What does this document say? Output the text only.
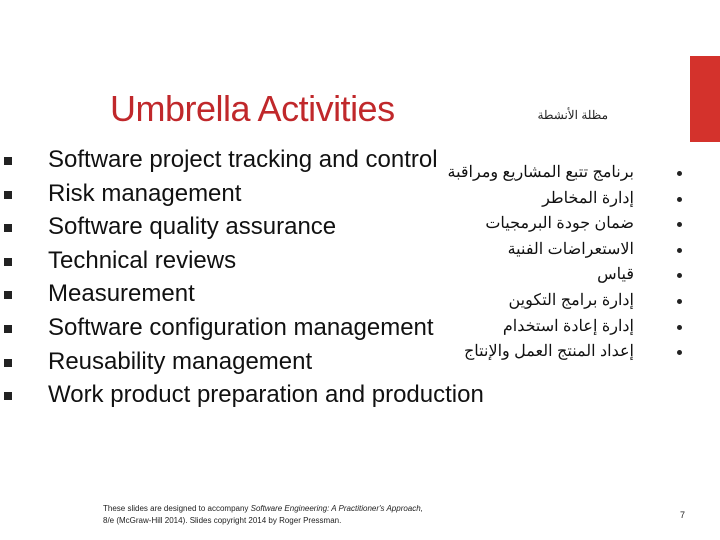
Umbrella Activities	مظلة الأنشطة
Software project tracking and control
Risk management
Software quality assurance
Technical reviews
Measurement
Software configuration management
Reusability management
Work product preparation and production
برنامج تتبع المشاريع ومراقبة
إدارة المخاطر
ضمان جودة البرمجيات
الاستعراضات الفنية
قياس
إدارة برامج التكوين
إدارة إعادة استخدام
إعداد المنتج العمل والإنتاج
These slides are designed to accompany Software Engineering: A Practitioner's Approach,
8/e (McGraw-Hill 2014). Slides copyright 2014 by Roger Pressman.
7
